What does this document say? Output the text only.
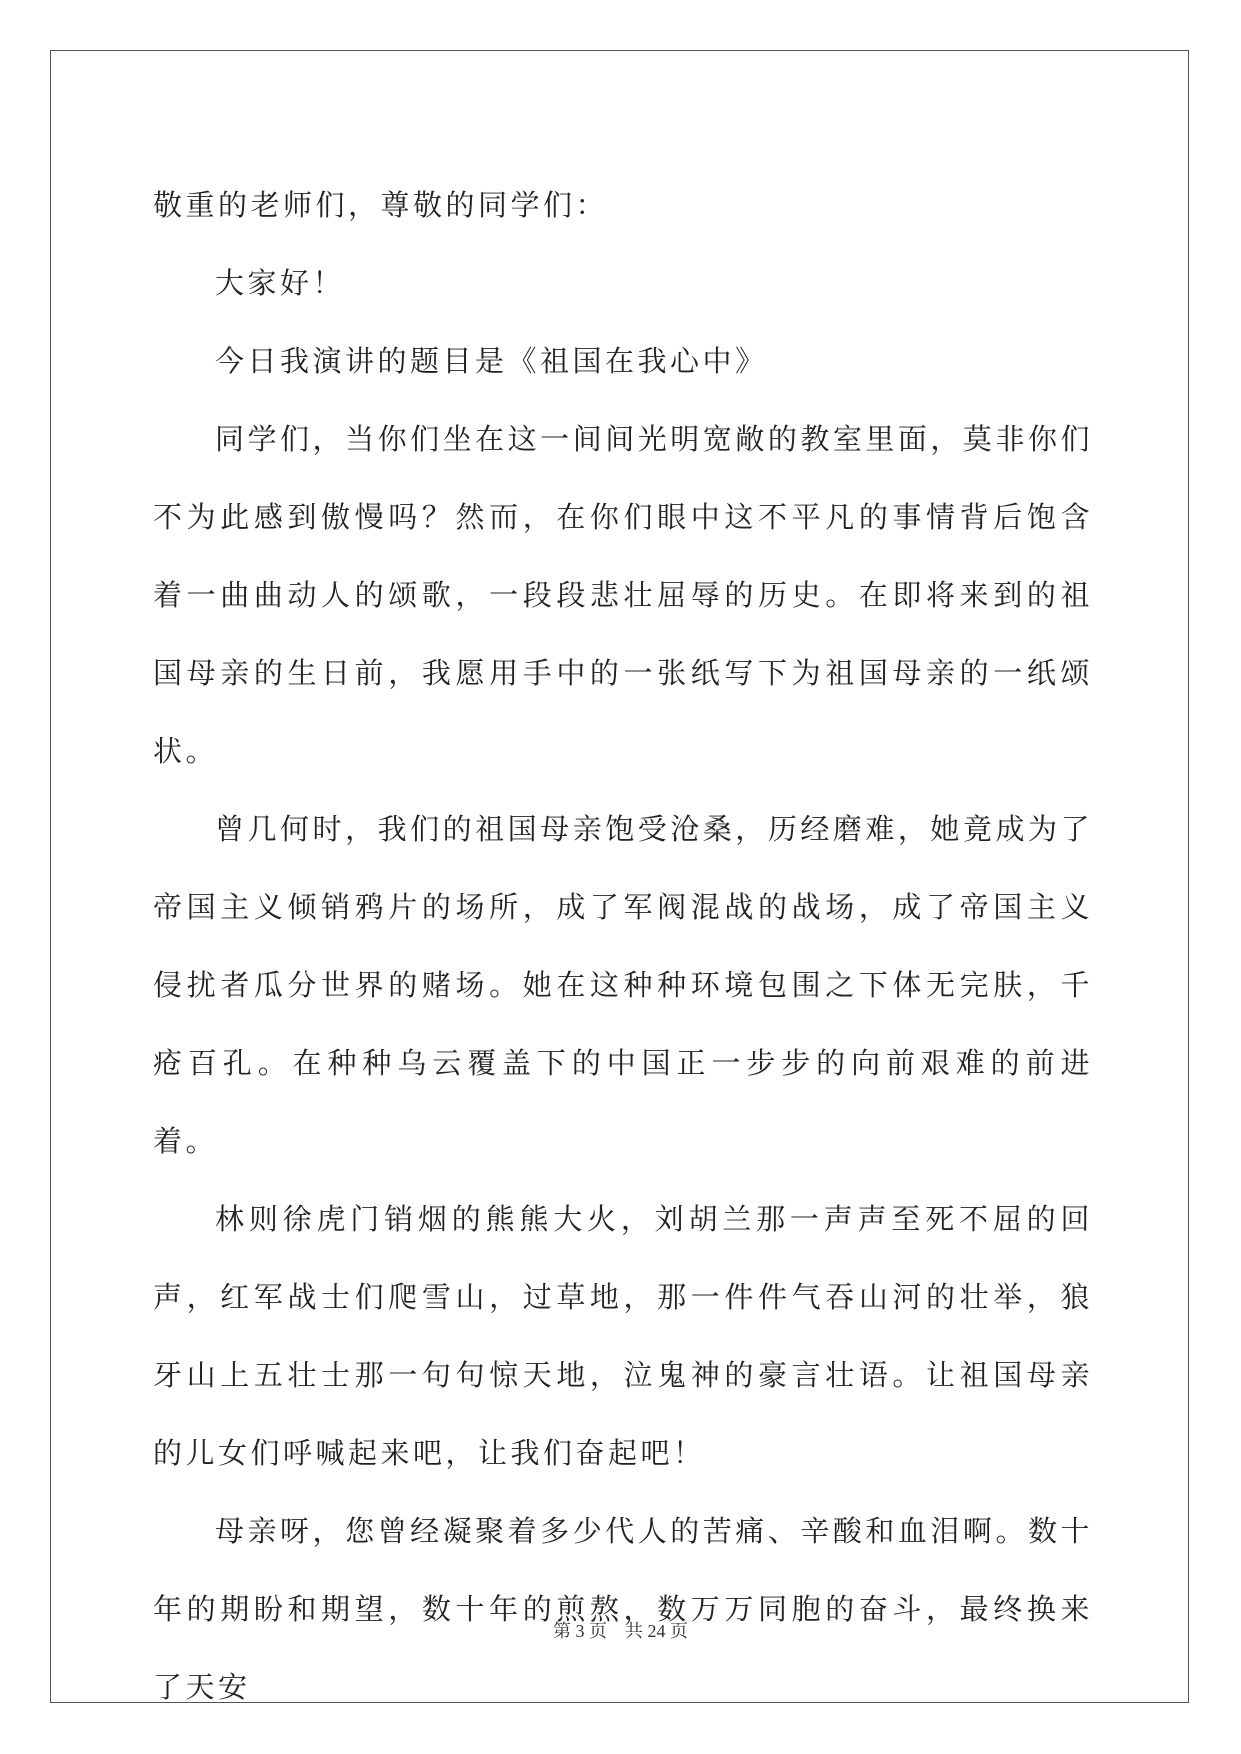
敬重的老师们，尊敬的同学们：

大家好！

今日我演讲的题目是《祖国在我心中》

同学们，当你们坐在这一间间光明宽敞的教室里面，莫非你们不为此感到傲慢吗？然而，在你们眼中这不平凡的事情背后饱含着一曲曲动人的颂歌，一段段悲壮屈辱的历史。在即将来到的祖国母亲的生日前，我愿用手中的一张纸写下为祖国母亲的一纸颂状。

曾几何时，我们的祖国母亲饱受沧桑，历经磨难，她竟成为了帝国主义倾销鸦片的场所，成了军阀混战的战场，成了帝国主义侵扰者瓜分世界的赌场。她在这种种环境包围之下体无完肤，千疮百孔。在种种乌云覆盖下的中国正一步步的向前艰难的前进着。

林则徐虎门销烟的熊熊大火，刘胡兰那一声声至死不屈的回声，红军战士们爬雪山，过草地，那一件件气吞山河的壮举，狼牙山上五壮士那一句句惊天地，泣鬼神的豪言壮语。让祖国母亲的儿女们呼喊起来吧，让我们奋起吧！

母亲呀，您曾经凝聚着多少代人的苦痛、辛酸和血泪啊。数十年的期盼和期望，数十年的煎熬，数万万同胞的奋斗，最终换来了天安

第 3 页 共 24 页
